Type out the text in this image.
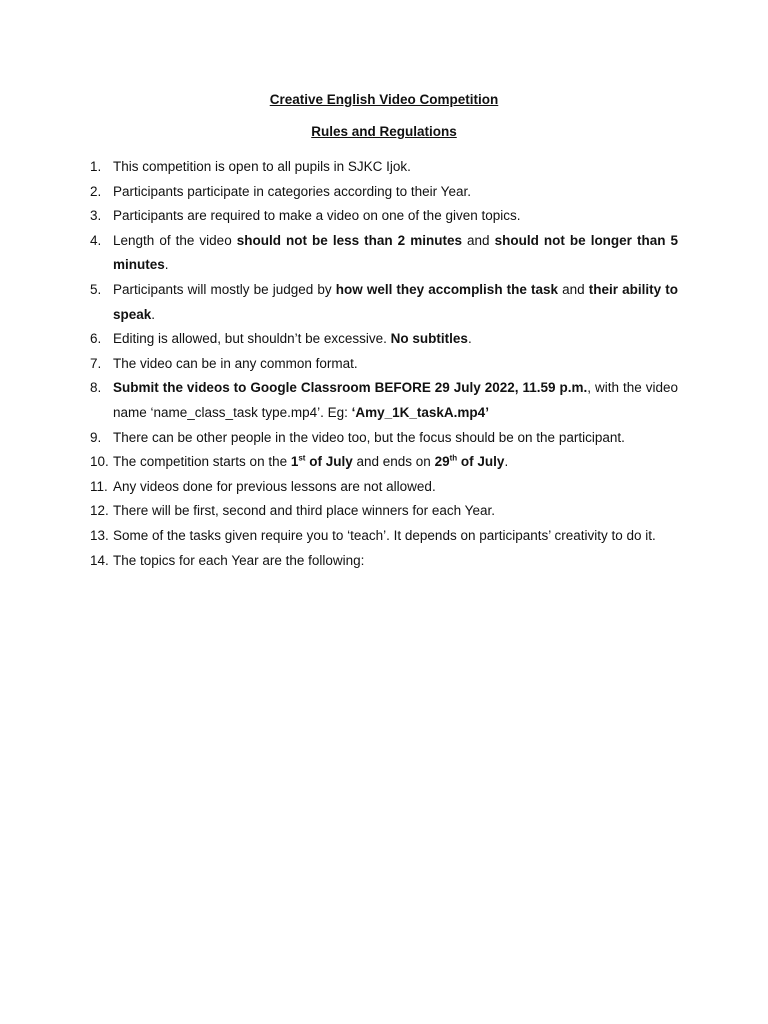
Creative English Video Competition
Rules and Regulations
1. This competition is open to all pupils in SJKC Ijok.
2. Participants participate in categories according to their Year.
3. Participants are required to make a video on one of the given topics.
4. Length of the video should not be less than 2 minutes and should not be longer than 5 minutes.
5. Participants will mostly be judged by how well they accomplish the task and their ability to speak.
6. Editing is allowed, but shouldn’t be excessive. No subtitles.
7. The video can be in any common format.
8. Submit the videos to Google Classroom BEFORE 29 July 2022, 11.59 p.m., with the video name ‘name_class_task type.mp4’. Eg: ‘Amy_1K_taskA.mp4’
9. There can be other people in the video too, but the focus should be on the participant.
10. The competition starts on the 1st of July and ends on 29th of July.
11. Any videos done for previous lessons are not allowed.
12. There will be first, second and third place winners for each Year.
13. Some of the tasks given require you to ‘teach’. It depends on participants’ creativity to do it.
14. The topics for each Year are the following:
